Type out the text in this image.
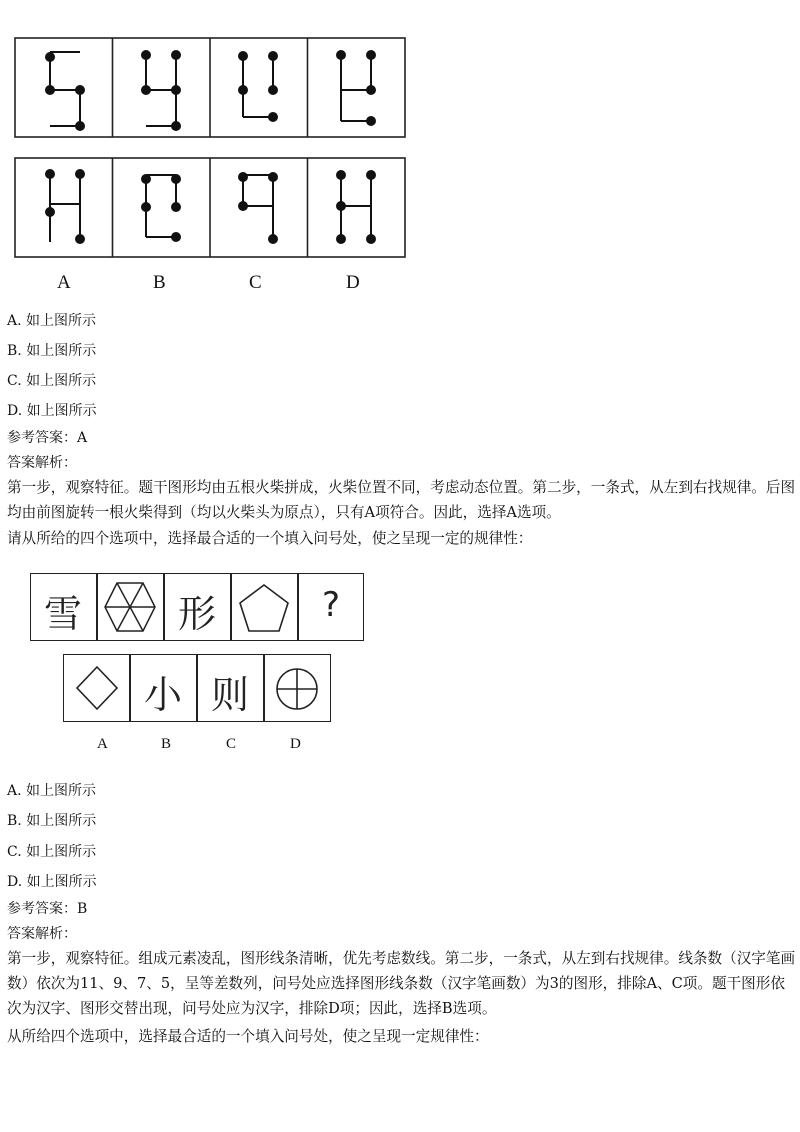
A	B	C	D
A. 如上图所示
B. 如上图所示
C. 如上图所示
D. 如上图所示
参考答案：A
答案解析：
第一步，观察特征。题干图形均由五根火柴拼成，火柴位置不同，考虑动态位置。第二步，一条式，从左到右找规律。后图均由前图旋转一根火柴得到（均以火柴头为原点），只有A项符合。因此，选择A选项。
请从所给的四个选项中，选择最合适的一个填入问号处，使之呈现一定的规律性：
雪	形	?
小 则
A	B	C	D
A. 如上图所示
B. 如上图所示
C. 如上图所示
D. 如上图所示
参考答案：B
答案解析：
第一步，观察特征。组成元素凌乱，图形线条清晰，优先考虑数线。第二步，一条式，从左到右找规律。线条数（汉字笔画数）依次为11、9、7、5，呈等差数列，问号处应选择图形线条数（汉字笔画数）为3的图形，排除A、C项。题干图形依次为汉字、图形交替出现，问号处应为汉字，排除D项；因此，选择B选项。
从所给四个选项中，选择最合适的一个填入问号处，使之呈现一定规律性：
